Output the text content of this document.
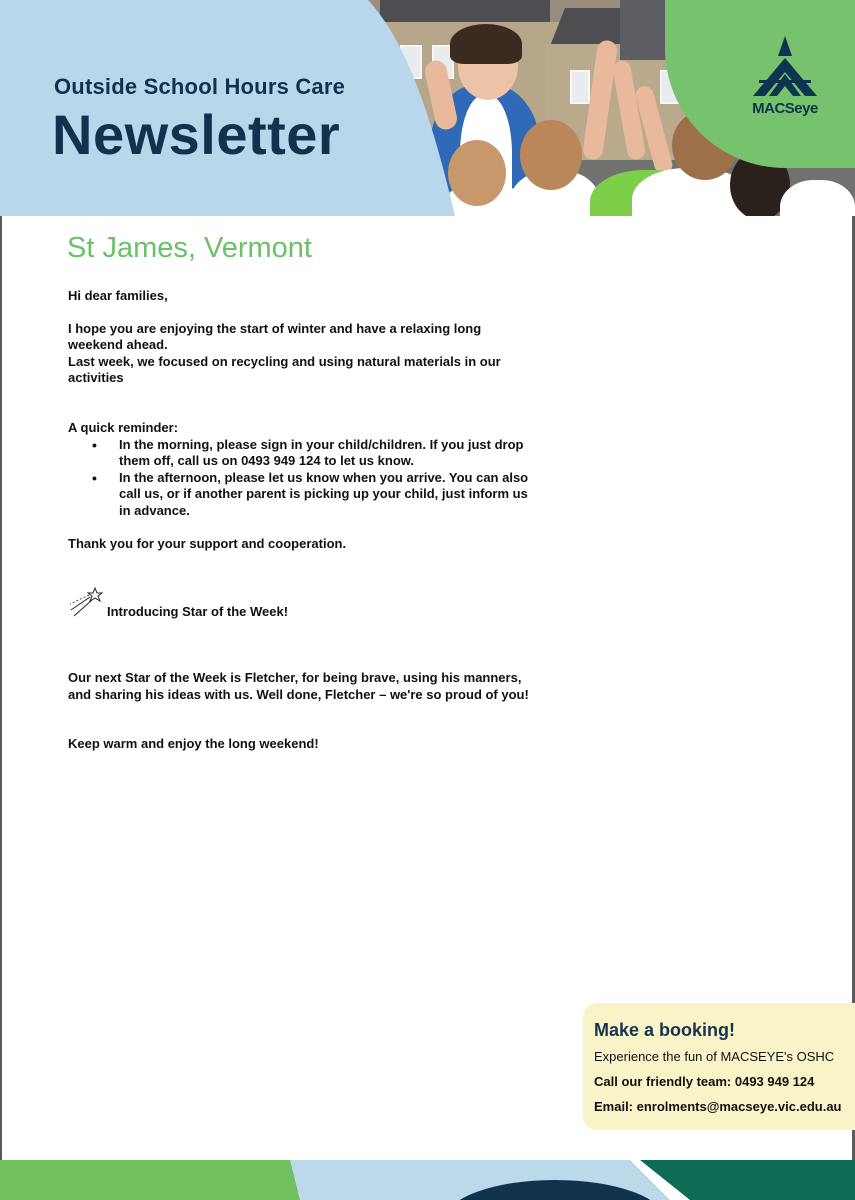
MACSeye
Outside School Hours Care
Newsletter
St James, Vermont

Hi dear families,

I hope you are enjoying the start of winter and have a relaxing long weekend ahead.

Last week, we focused on recycling and using natural materials in our activities

A quick reminder:

• In the morning, please sign in your child/children. If you just drop them off, call us on 0493 949 124 to let us know.
• In the afternoon, please let us know when you arrive. You can also call us, or if another parent is picking up your child, just inform us in advance.

Thank you for your support and cooperation.

Introducing Star of the Week!

Our next Star of the Week is Fletcher, for being brave, using his manners, and sharing his ideas with us. Well done, Fletcher – we're so proud of you!

Keep warm and enjoy the long weekend!

Make a booking!
Experience the fun of MACSEYE's OSHC
Call our friendly team: 0493 949 124
Email: enrolments@macseye.vic.edu.au
